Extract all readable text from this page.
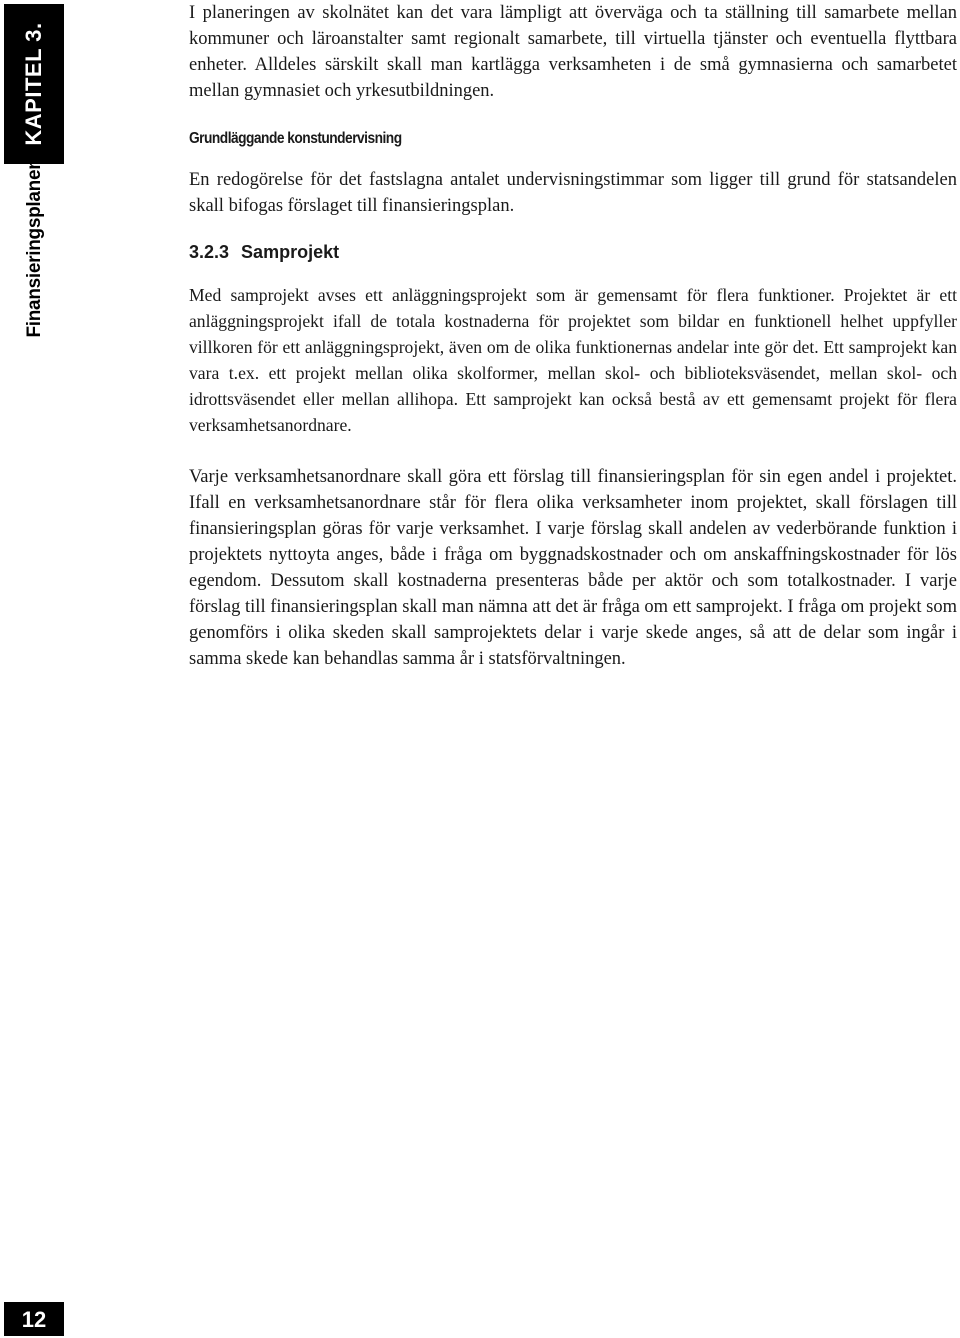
KAPITEL 3.
Finansieringsplanen
12

I planeringen av skolnätet kan det vara lämpligt att överväga och ta ställning till samarbete mellan kommuner och läroanstalter samt regionalt samarbete, till virtuella tjänster och eventuella flyttbara enheter. Alldeles särskilt skall man kartlägga verksamheten i de små gymnasierna och samarbetet mellan gymnasiet och yrkesutbildningen.

Grundläggande konstundervisning

En redogörelse för det fastslagna antalet undervisningstimmar som ligger till grund för statsandelen skall bifogas förslaget till finansieringsplan.

3.2.3 Samprojekt

Med samprojekt avses ett anläggningsprojekt som är gemensamt för flera funktioner. Projektet är ett anläggningsprojekt ifall de totala kostnaderna för projektet som bildar en funktionell helhet uppfyller villkoren för ett anläggningsprojekt, även om de olika funktionernas andelar inte gör det. Ett samprojekt kan vara t.ex. ett projekt mellan olika skolformer, mellan skol- och biblioteksväsendet, mellan skol- och idrottsväsendet eller mellan allihopa. Ett samprojekt kan också bestå av ett gemensamt projekt för flera verksamhetsanordnare.

Varje verksamhetsanordnare skall göra ett förslag till finansieringsplan för sin egen andel i projektet. Ifall en verksamhetsanordnare står för flera olika verksamheter inom projektet, skall förslagen till finansieringsplan göras för varje verksamhet. I varje förslag skall andelen av vederbörande funktion i projektets nyttoyta anges, både i fråga om byggnadskostnader och om anskaffningskostnader för lös egendom. Dessutom skall kostnaderna presenteras både per aktör och som totalkostnader. I varje förslag till finansieringsplan skall man nämna att det är fråga om ett samprojekt. I fråga om projekt som genomförs i olika skeden skall samprojektets delar i varje skede anges, så att de delar som ingår i samma skede kan behandlas samma år i statsförvaltningen.
